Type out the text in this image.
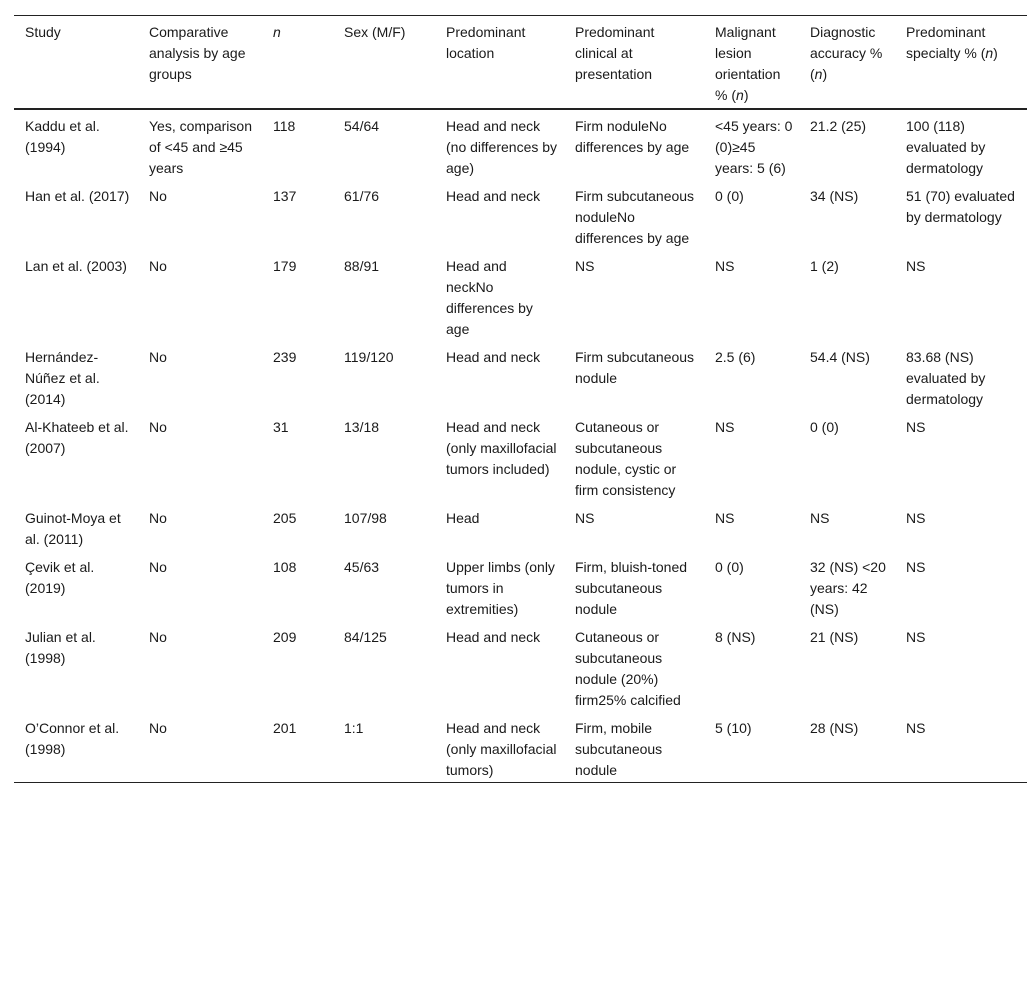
Study	Comparative analysis by age groups	n	Sex (M/F)	Predominant location	Predominant clinical at presentation	Malignant lesion orientation % (n)	Diagnostic accuracy % (n)	Predominant specialty % (n)
Kaddu et al. (1994)	Yes, comparison of <45 and ≥45 years	118	54/64	Head and neck (no differences by age)	Firm noduleNo differences by age	<45 years: 0 (0)≥45 years: 5 (6)	21.2 (25)	100 (118) evaluated by dermatology
Han et al. (2017)	No	137	61/76	Head and neck	Firm subcutaneous noduleNo differences by age	0 (0)	34 (NS)	51 (70) evaluated by dermatology
Lan et al. (2003)	No	179	88/91	Head and neckNo differences by age	NS	NS	1 (2)	NS
Hernández-Núñez et al. (2014)	No	239	119/120	Head and neck	Firm subcutaneous nodule	2.5 (6)	54.4 (NS)	83.68 (NS) evaluated by dermatology
Al-Khateeb et al. (2007)	No	31	13/18	Head and neck (only maxillofacial tumors included)	Cutaneous or subcutaneous nodule, cystic or firm consistency	NS	0 (0)	NS
Guinot-Moya et al. (2011)	No	205	107/98	Head	NS	NS	NS	NS
Çevik et al. (2019)	No	108	45/63	Upper limbs (only tumors in extremities)	Firm, bluish-toned subcutaneous nodule	0 (0)	32 (NS) <20 years: 42 (NS)	NS
Julian et al. (1998)	No	209	84/125	Head and neck	Cutaneous or subcutaneous nodule (20%) firm25% calcified	8 (NS)	21 (NS)	NS
O’Connor et al. (1998)	No	201	1:1	Head and neck (only maxillofacial tumors)	Firm, mobile subcutaneous nodule	5 (10)	28 (NS)	NS
